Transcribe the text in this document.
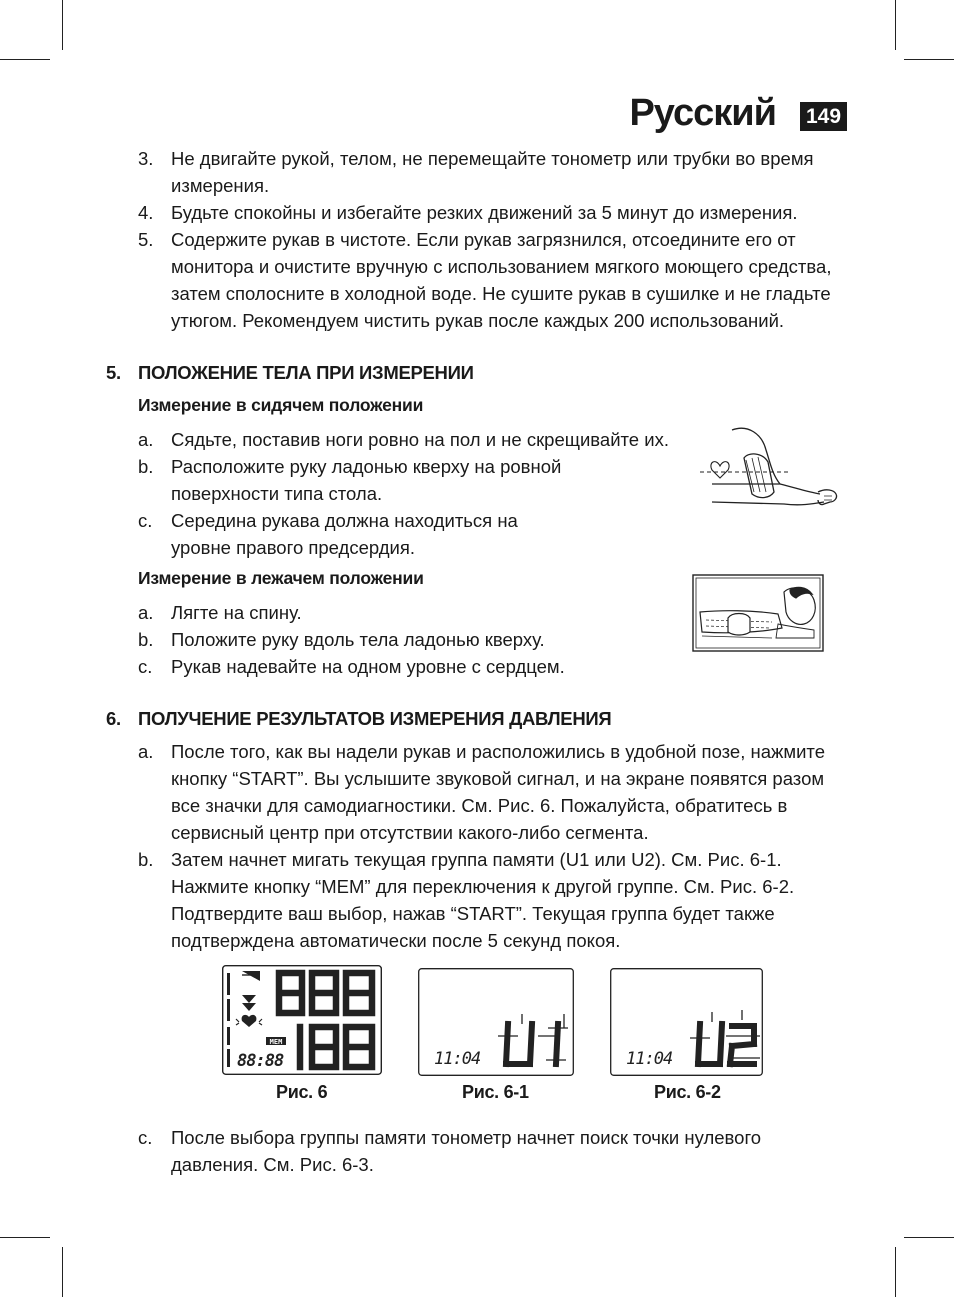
Русский 149

3. Не двигайте рукой, телом, не перемещайте тонометр или трубки во время измерения.

4. Будьте спокойны и избегайте резких движений за 5 минут до измерения.

5. Содержите рукав в чистоте. Если рукав загрязнился, отсоедините его от монитора и очистите вручную с использованием мягкого моющего средства, затем сполосните в холодной воде. Не сушите рукав в сушилке и не гладьте утюгом. Рекомендуем чистить рукав после каждых 200 использований.

5. ПОЛОЖЕНИЕ ТЕЛА ПРИ ИЗМЕРЕНИИ
Измерение в сидячем положении

a. Сядьте, поставив ноги ровно на пол и не скрещивайте их.

b. Расположите руку ладонью кверху на ровной поверхности типа стола.

c.	Середина рукава должна находиться на уровне правого предсердия.

Измерение в лежачем положении

a. Лягте на спину.

b. Положите руку вдоль тела ладонью кверху.

c.	Рукав надевайте на одном уровне с сердцем.

6. ПОЛУЧЕНИЕ РЕЗУЛЬТАТОВ ИЗМЕРЕНИЯ ДАВЛЕНИЯ

a. После того, как вы надели рукав и расположились в удобной позе, нажмите кнопку “START”. Вы услышите звуковой сигнал, и на экране появятся разом все значки для самодиагностики. См. Рис. 6. Пожалуйста, обратитесь в сервисный центр при отсутствии какого-либо сегмента.

b. Затем начнет мигать текущая группа памяти (U1 или U2). См. Рис. 6-1. Нажмите кнопку “MEM” для переключения к другой группе. См. Рис. 6-2. Подтвердите ваш выбор, нажав “START”. Текущая группа будет также подтверждена автоматически после 5 секунд покоя.

MEM
88:88
Рис. 6
11:04
Рис. 6-1
11:04
Рис. 6-2

c.	После выбора группы памяти тонометр начнет поиск точки нулевого давления. См. Рис. 6-3.
